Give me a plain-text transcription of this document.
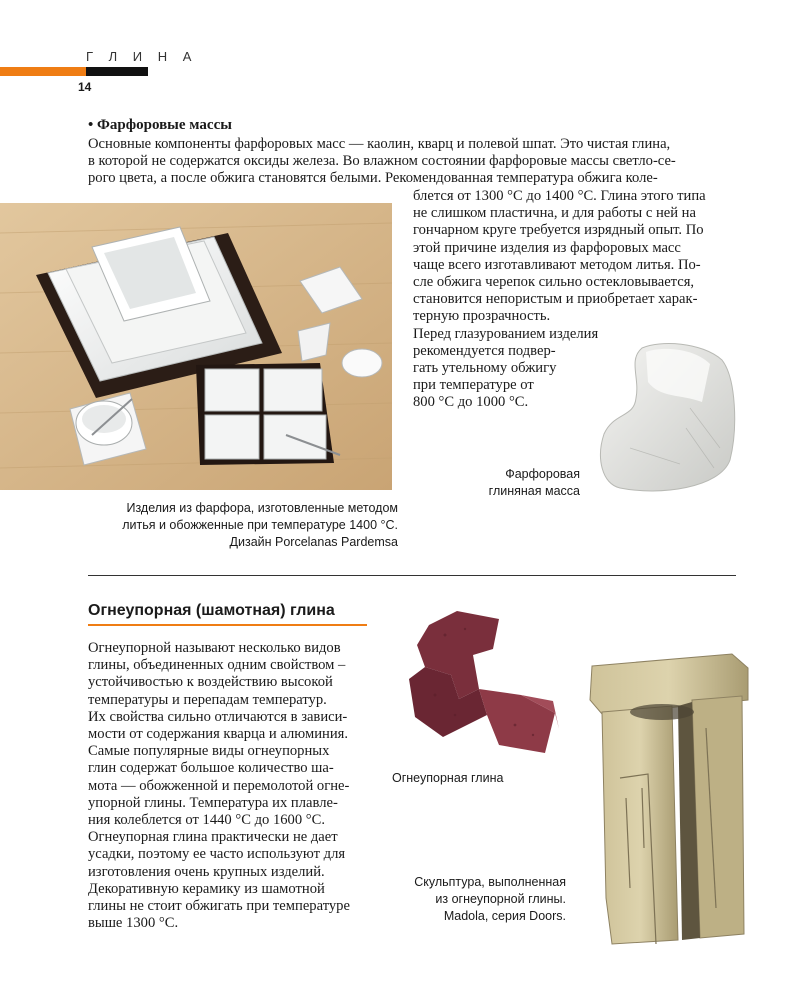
Г Л И Н А
14
• Фарфоровые массы
Основные компоненты фарфоровых масс — каолин, кварц и полевой шпат. Это чистая глина,
в которой не содержатся оксиды железа. Во влажном состоянии фарфоровые массы светло-се-
рого цвета, а после обжига становятся белыми. Рекомендованная температура обжига коле-
блется от 1300 °С до 1400 °С. Глина этого типа
не слишком пластична, и для работы с ней на
гончарном круге требуется изрядный опыт. По
этой причине изделия из фарфоровых масс
чаще всего изготавливают методом литья. По-
сле обжига черепок сильно остекловывается,
становится непористым и приобретает харак-
терную прозрачность.
Перед глазурованием изделия
рекомендуется подвер-
гать утельному обжигу
при температуре от
800 °С до 1000 °С.
Изделия из фарфора, изготовленные методом
литья и обожженные при температуре 1400 °С.
Дизайн Porcelanas Pardemsa
Фарфоровая
глиняная масса
Огнеупорная (шамотная) глина
Огнеупорной называют несколько видов
глины, объединенных одним свойством –
устойчивостью к воздействию высокой
температуры и перепадам температур.
Их свойства сильно отличаются в зависи-
мости от содержания кварца и алюминия.
Самые популярные виды огнеупорных
глин содержат большое количество ша-
мота — обожженной и перемолотой огне-
упорной глины. Температура их плавле-
ния колеблется от 1440 °С до 1600 °С.
Огнеупорная глина практически не дает
усадки, поэтому ее часто используют для
изготовления очень крупных изделий.
Декоративную керамику из шамотной
глины не стоит обжигать при температуре
выше 1300 °С.
Огнеупорная глина
Скульптура, выполненная
из огнеупорной глины.
Madola, серия Doors.
